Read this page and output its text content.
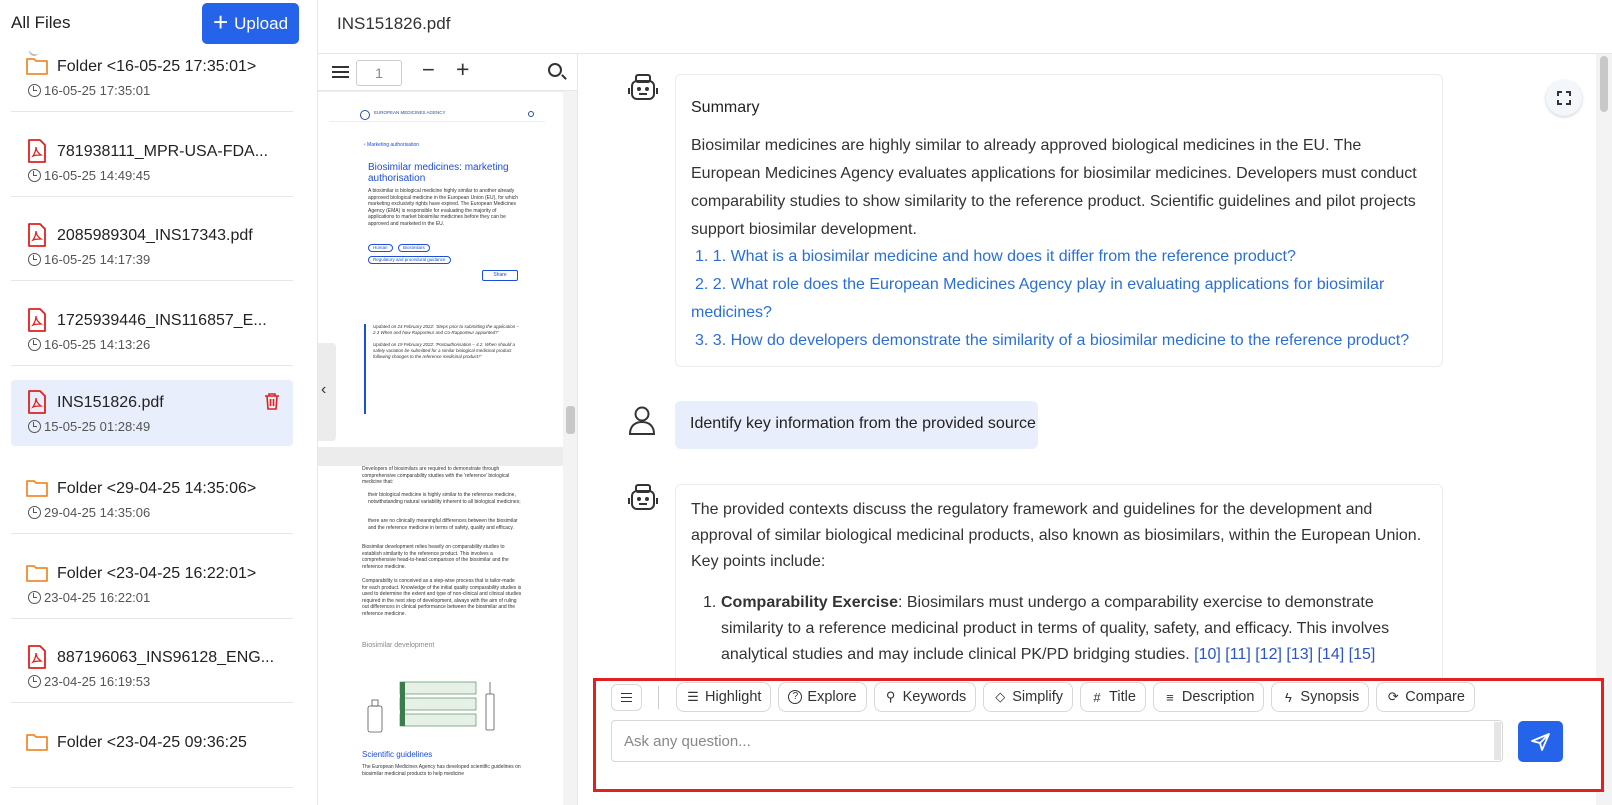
All Files	+ Upload
Folder <16-05-25 17:35:01>
16-05-25 17:35:01
781938111_MPR-USA-FDA...
16-05-25 14:49:45
2085989304_INS17343.pdf
16-05-25 14:17:39
1725939446_INS116857_E...
16-05-25 14:13:26
INS151826.pdf
15-05-25 01:28:49
Folder <29-04-25 14:35:06>
29-04-25 14:35:06
Folder <23-04-25 16:22:01>
23-04-25 16:22:01
887196063_INS96128_ENG...
23-04-25 16:19:53
Folder <23-04-25 09:36:25
INS151826.pdf
1	− +
EUROPEAN MEDICINES AGENCY
‹ Marketing authorisation
Biosimilar medicines: marketing authorisation
A biosimilar is biological medicine highly similar to another already approved biological medicine in the European Union (EU), for which marketing exclusivity rights have expired. The European Medicines Agency (EMA) is responsible for evaluating the majority of applications to market biosimilar medicines before they can be approved and marketed in the EU.
Human	Biosimilars
Regulatory and procedural guidance
Share
Updated on 24 February 2022: 'Steps prior to submitting the application – 2.3 When and how Rapporteur and Co-Rapporteur appointed?'
Updated on 19 February 2022: 'Postauthorisation – 4.2. When should a safety variation be submitted for a similar biological medicinal product following changes to the reference medicinal product?'
Developers of biosimilars are required to demonstrate through comprehensive comparability studies with the 'reference' biological medicine that:
their biological medicine is highly similar to the reference medicine, notwithstanding natural variability inherent to all biological medicines;
there are no clinically meaningful differences between the biosimilar and the reference medicine in terms of safety, quality and efficacy.
Biosimilar development relies heavily on comparability studies to establish similarity to the reference product. This involves a comprehensive head-to-head comparison of the biosimilar and the reference medicine.
Comparability is conceived as a step-wise process that is tailor-made for each product. Knowledge of the initial quality comparability studies is used to determine the extent and type of non-clinical and clinical studies required in the next step of development, always with the aim of ruling out differences in clinical performance between the biosimilar and the reference medicine.
Biosimilar development
Scientific guidelines
The European Medicines Agency has developed scientific guidelines on biosimilar medicinal products to help medicine
‹
Summary
Biosimilar medicines are highly similar to already approved biological medicines in the EU. The European Medicines Agency evaluates applications for biosimilar medicines. Developers must conduct comparability studies to show similarity to the reference product. Scientific guidelines and pilot projects support biosimilar development.
1. 1. What is a biosimilar medicine and how does it differ from the reference product?
2. 2. What role does the European Medicines Agency play in evaluating applications for biosimilar medicines?
3. 3. How do developers demonstrate the similarity of a biosimilar medicine to the reference product?
Identify key information from the provided source
The provided contexts discuss the regulatory framework and guidelines for the development and approval of similar biological medicinal products, also known as biosimilars, within the European Union. Key points include:
1. Comparability Exercise: Biosimilars must undergo a comparability exercise to demonstrate similarity to a reference medicinal product in terms of quality, safety, and efficacy. This involves analytical studies and may include clinical PK/PD bridging studies. [10] [11] [12] [13] [14] [15]
☰ Highlight	? Explore ⚲ Keywords ◇ Simplify # Title ≡ Description ϟ Synopsis ⟳ Compare
Ask any question...
